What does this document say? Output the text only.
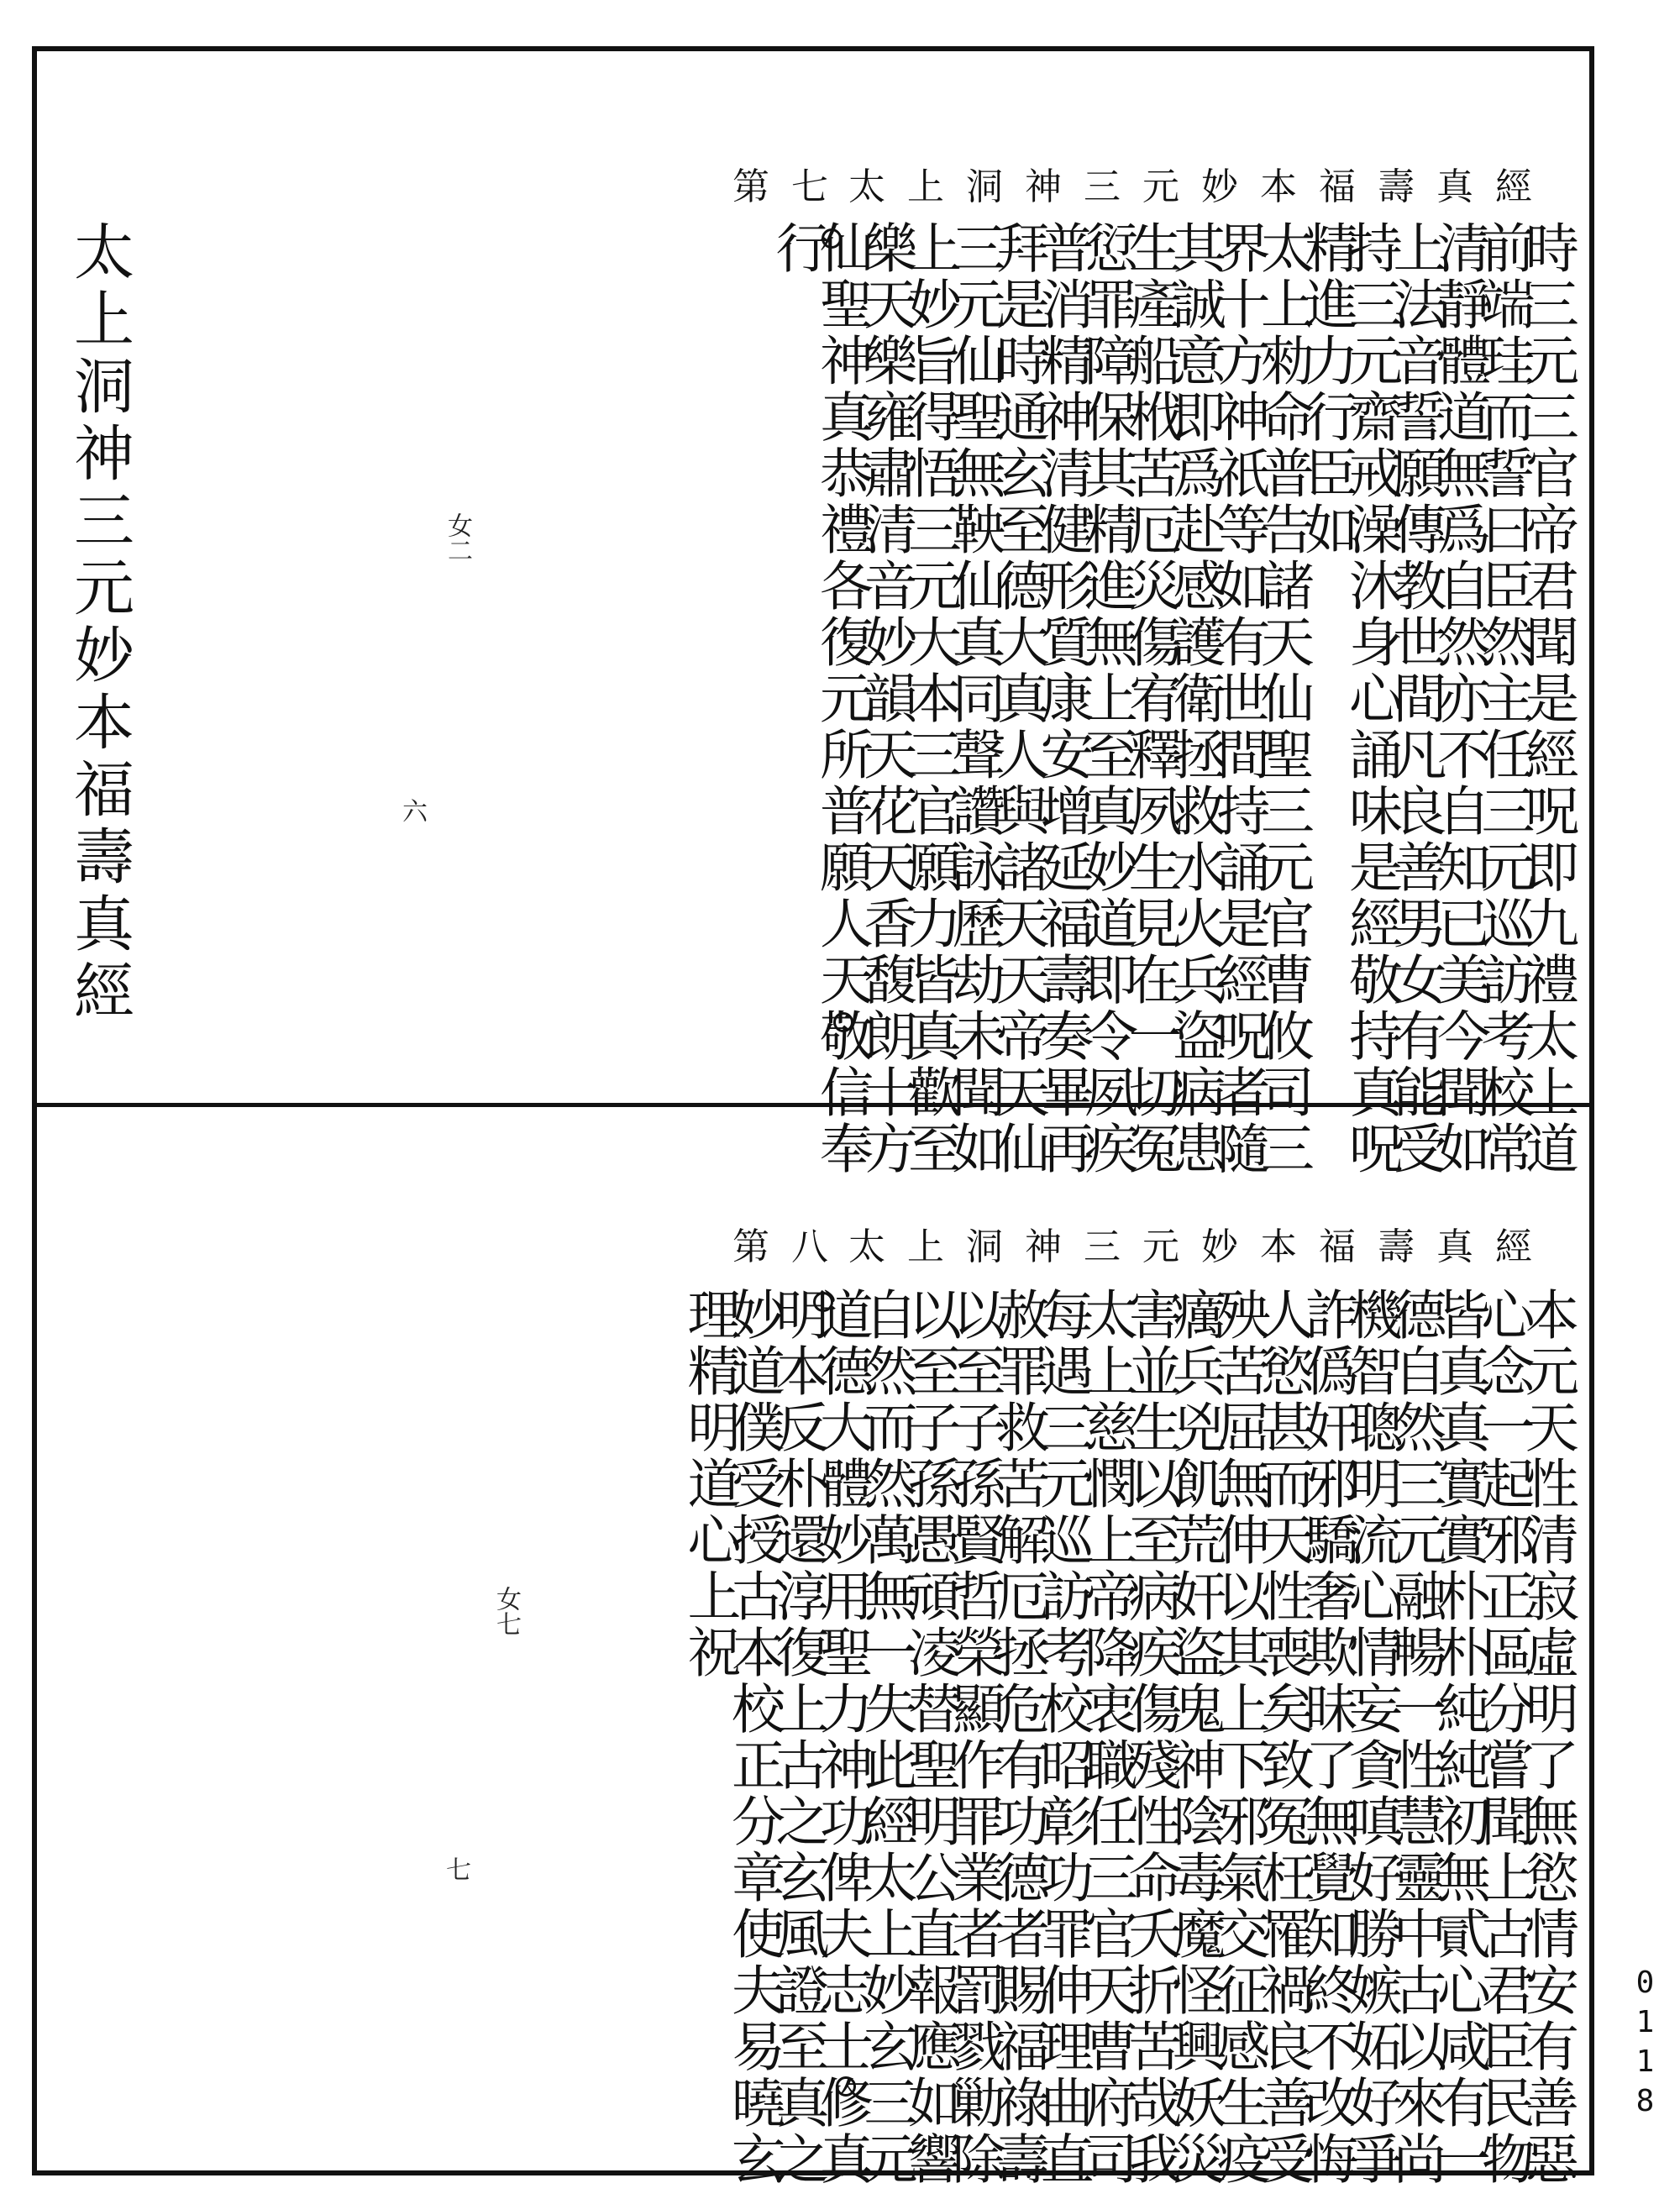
太上洞神三元妙本福壽真經
第七
時三元三官帝君聞是經呪即九禮太上道
前端珪而誓曰臣然主任三元巡訪考校常
清靜體道無爲自然亦不自知已美今聞如
上法音誓願傳教世間凡良善男女有能受
持三元齋戒澡沐身心誦味是經敬持真呪
精進力行臣如
太上勑命普告諸天仙聖三元官曹攸司三
界十方神祇等如有世間持誦是經呪者隨
其誠意即爲赴感護衛拯救水火兵盜病患
生產船栰苦厄災傷宥釋夙生見在一切冤
愆罪障保其精進無上至真妙道即令夙疾
普消精神清健形質康安增延福壽奏畢再
拜是時通玄至德大真人與諸天天帝天仙
三元仙聖無鞅仙真同聲讚詠歷劫未聞如
上妙旨得悟三元大本三官願力皆真歡至
樂天樂雍肅清音妙韻天花天香馥朗十方
仙聖神真恭禮各復元所普願人天敬信奉
行
太上洞神三元妙本福壽真經	女二
六
太上洞神三元妙本福壽真經
第八
本元天性清寂虛明了無慾情安有善惡
心念一起邪正區分嘗聞上古君臣民物
皆真真實實朴朴純純初無貳心咸有一
德自然三元融暢一性慧靈中古以來尚
機智聰明流心情妄貪嗔好勝嫉妬好爭
詐僞奸邪驕奢欺昧了無覺知終不改悔
人慾甚而天性喪矣致冤枉罹禍良善受
殃苦屈無伸以其上下邪氣交征感生疫
癘兵兇飢荒奸盜鬼神陰毒魔怪興妖災
害並生以至病疾傷殘性命夭折苦哉我
太上慈憫上帝降衷職任三官天曹府司
每遇三元巡訪考校昭彰功罪伸理曲直
赦罪救苦解厄拯危有功德者賜福祿壽
以至子孫賢哲榮顯作罪業者罰戮勦除
以至子孫愚頑凌替聖明公直報應如響
自然而然萬無一失此經太上妙玄三元
道德大體妙用聖力神功俾夫志士修真
明本反朴還淳復上古之玄風證至真之
妙道僕受授古本校正分章使夫易曉玄
理精明道心上祝
女七
七
0118
